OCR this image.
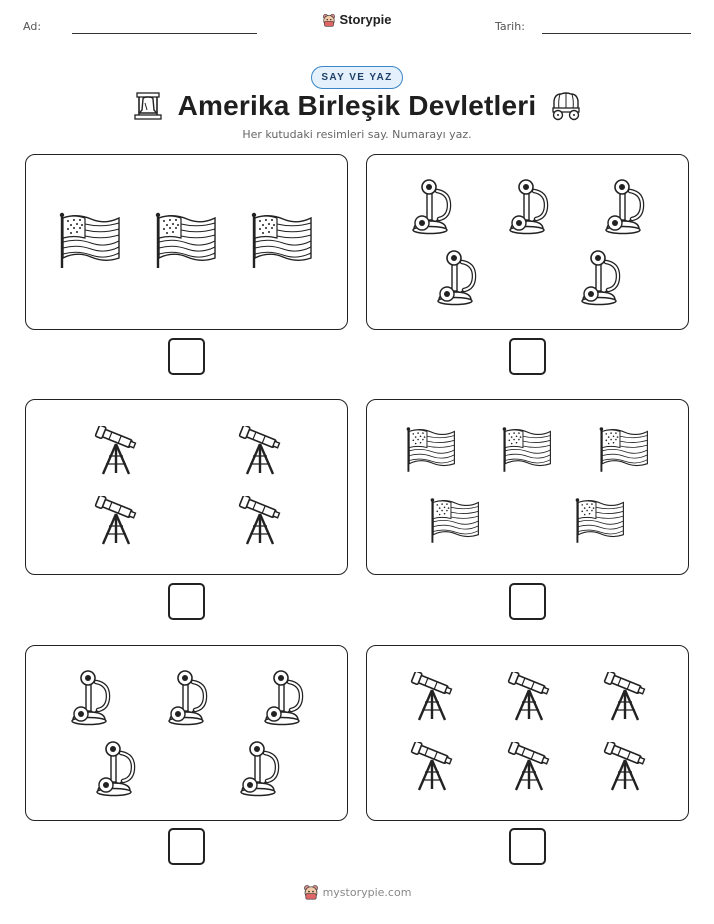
Ad:	Storypie	Tarih:
SAY VE YAZ
Amerika Birleşik Devletleri
Her kutudaki resimleri say. Numarayı yaz.
mystorypie.com
